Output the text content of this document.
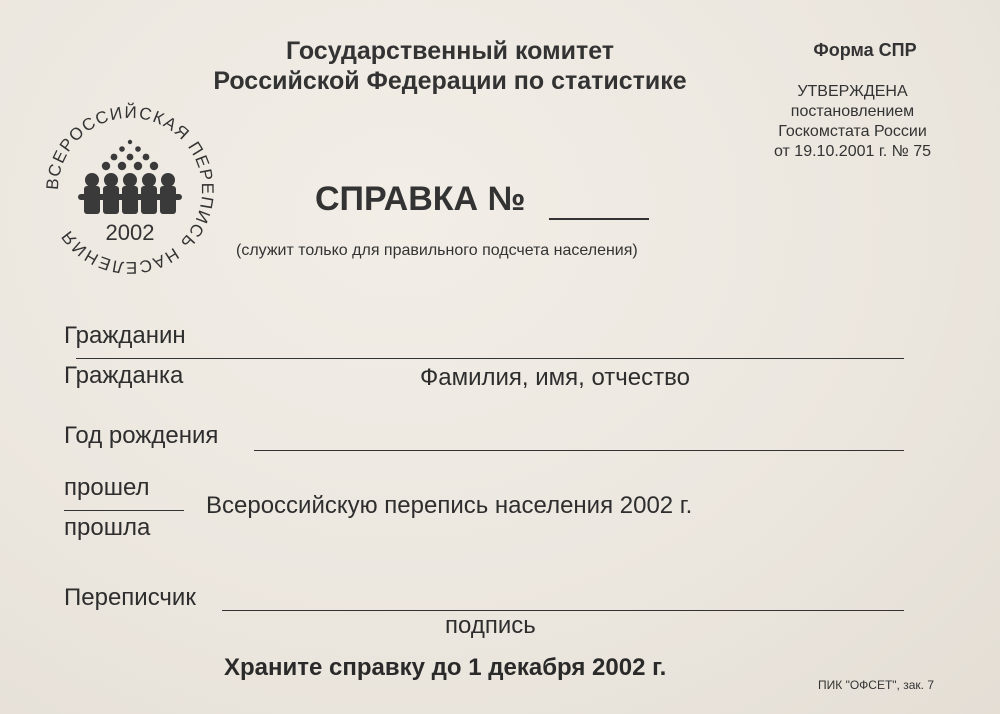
Государственный комитет
Российской Федерации по статистике
Форма СПР
УТВЕРЖДЕНА
постановлением
Госкомстата России
от 19.10.2001 г. № 75
ВСЕРОССИЙСКАЯ ПЕРЕПИСЬ НАСЕЛЕНИЯ	2002
СПРАВКА №
(служит только для правильного подсчета населения)
Гражданин
Гражданка	Фамилия, имя, отчество
Год рождения
прошел
прошла
Всероссийскую перепись населения 2002 г.
Переписчик
подпись
Храните справку до 1 декабря 2002 г.
ПИК "ОФСЕТ", зак. 7
